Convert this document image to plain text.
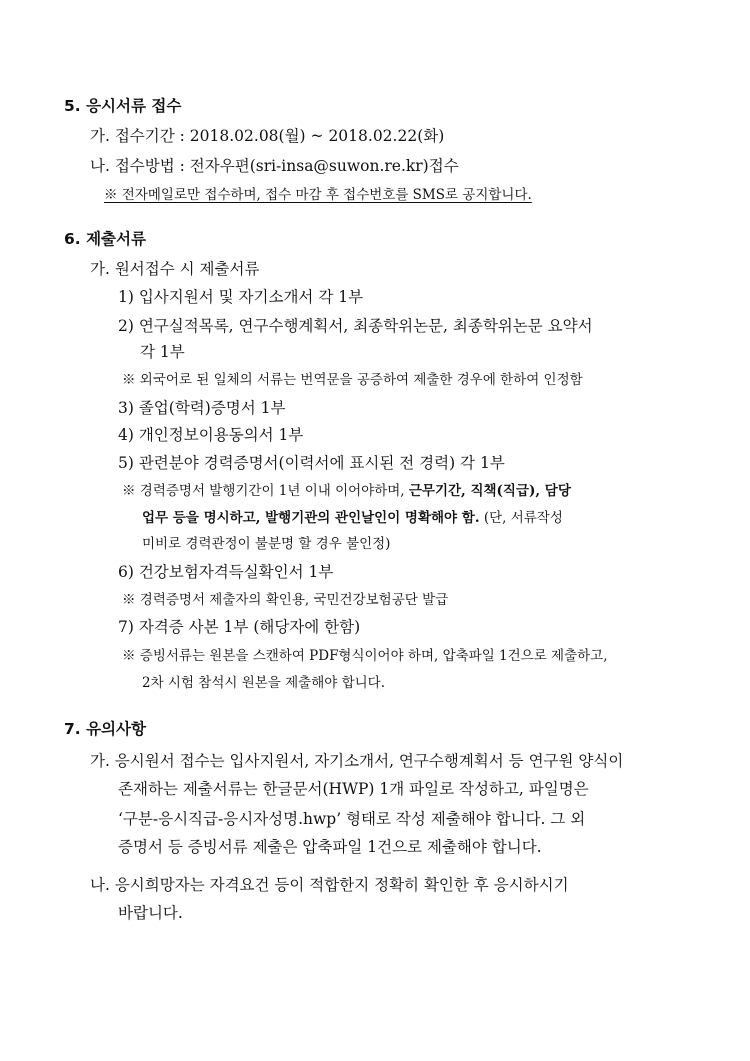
5. 응시서류 접수
가. 접수기간 : 2018.02.08(월) ~ 2018.02.22(화)
나. 접수방법 : 전자우편(sri-insa@suwon.re.kr)접수
※ 전자메일로만 접수하며, 접수 마감 후 접수번호를 SMS로 공지합니다.
6. 제출서류
가. 원서접수 시 제출서류
1) 입사지원서 및 자기소개서 각 1부
2) 연구실적목록, 연구수행계획서, 최종학위논문, 최종학위논문 요약서
각 1부
※ 외국어로 된 일체의 서류는 번역문을 공증하여 제출한 경우에 한하여 인정함
3) 졸업(학력)증명서 1부
4) 개인정보이용동의서 1부
5) 관련분야 경력증명서(이력서에 표시된 전 경력) 각 1부
※ 경력증명서 발행기간이 1년 이내 이어야하며, 근무기간, 직책(직급), 담당
업무 등을 명시하고, 발행기관의 관인날인이 명확해야 함. (단, 서류작성
미비로 경력관정이 불분명 할 경우 불인정)
6) 건강보험자격득실확인서 1부
※ 경력증명서 제출자의 확인용, 국민건강보험공단 발급
7) 자격증 사본 1부 (해당자에 한함)
※ 증빙서류는 원본을 스캔하여 PDF형식이어야 하며, 압축파일 1건으로 제출하고,
2차 시험 참석시 원본을 제출해야 합니다.
7. 유의사항
가. 응시원서 접수는 입사지원서, 자기소개서, 연구수행계획서 등 연구원 양식이
존재하는 제출서류는 한글문서(HWP) 1개 파일로 작성하고, 파일명은
‘구분-응시직급-응시자성명.hwp’ 형태로 작성 제출해야 합니다. 그 외
증명서 등 증빙서류 제출은 압축파일 1건으로 제출해야 합니다.
나. 응시희망자는 자격요건 등이 적합한지 정확히 확인한 후 응시하시기
바랍니다.
